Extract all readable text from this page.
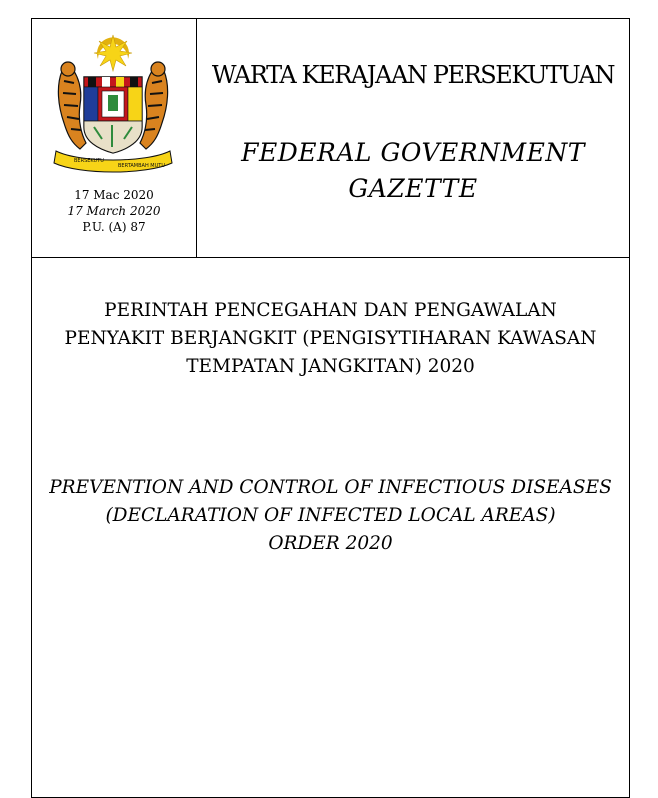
BERSEKUTU
BERTAMBAH MUTU
17 Mac 2020
17 March 2020
P.U. (A) 87
WARTA KERAJAAN PERSEKUTUAN
FEDERAL GOVERNMENT
GAZETTE
PERINTAH PENCEGAHAN DAN PENGAWALAN
PENYAKIT BERJANGKIT (PENGISYTIHARAN KAWASAN
TEMPATAN JANGKITAN) 2020
PREVENTION AND CONTROL OF INFECTIOUS DISEASES
(DECLARATION OF INFECTED LOCAL AREAS)
ORDER 2020
